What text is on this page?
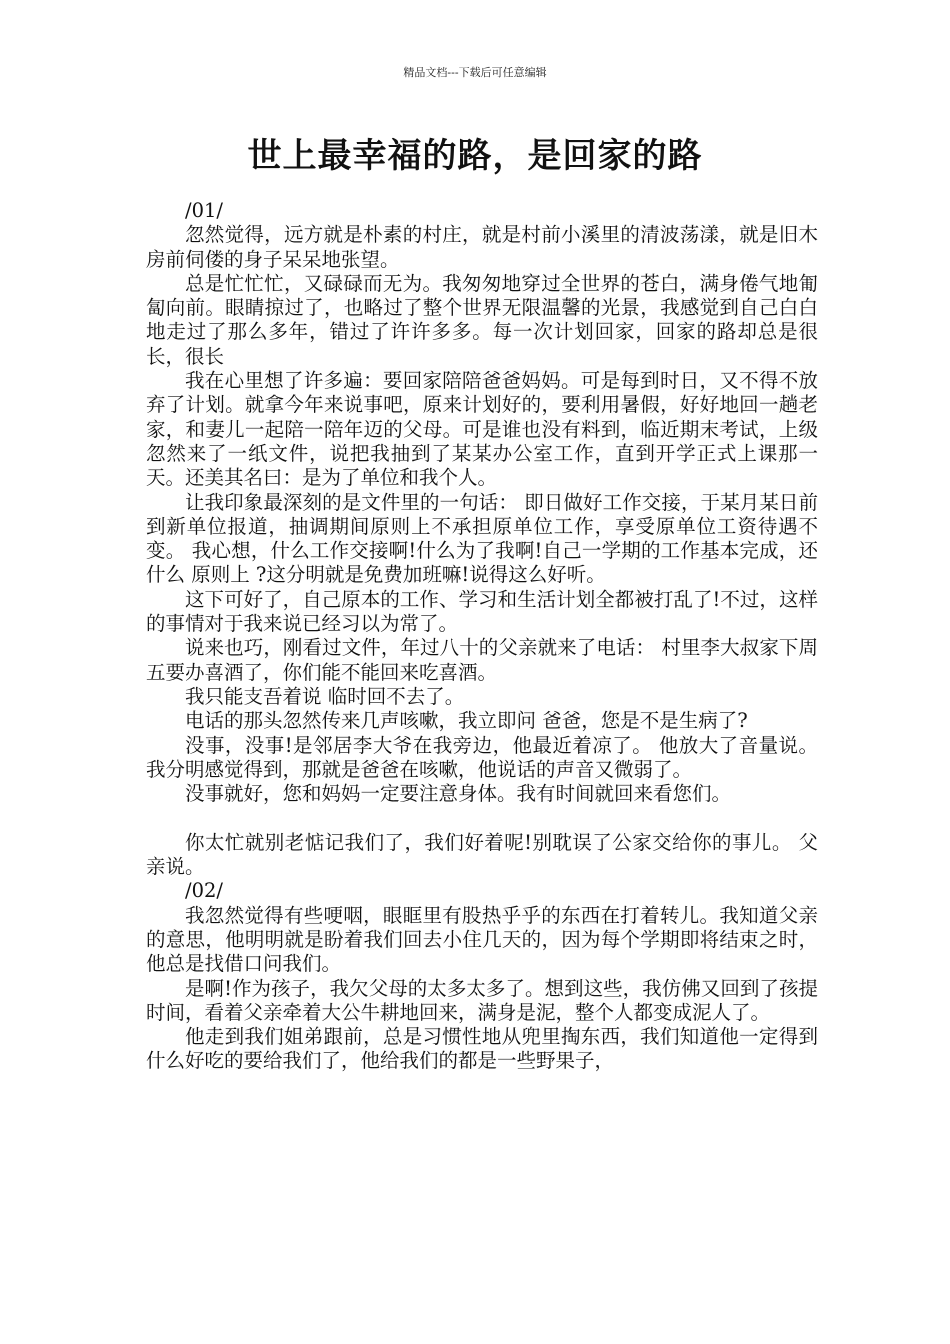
精品文档---下载后可任意编辑
世上最幸福的路，是回家的路

/01/

忽然觉得，远方就是朴素的村庄，就是村前小溪里的清波荡漾，就是旧木房前伺偻的身子呆呆地张望。

总是忙忙忙，又碌碌而无为。我匆匆地穿过全世界的苍白，满身倦气地匍匐向前。眼睛掠过了，也略过了整个世界无限温馨的光景，我感觉到自己白白地走过了那么多年，错过了许许多多。每一次计划回家，回家的路却总是很长，很长

我在心里想了许多遍：要回家陪陪爸爸妈妈。可是每到时日，又不得不放弃了计划。就拿今年来说事吧，原来计划好的，要利用暑假，好好地回一趟老家，和妻儿一起陪一陪年迈的父母。可是谁也没有料到，临近期末考试，上级忽然来了一纸文件，说把我抽到了某某办公室工作，直到开学正式上课那一天。还美其名曰：是为了单位和我个人。

让我印象最深刻的是文件里的一句话： 即日做好工作交接，于某月某日前到新单位报道，抽调期间原则上不承担原单位工作，享受原单位工资待遇不变。 我心想，什么工作交接啊!什么为了我啊!自己一学期的工作基本完成，还什么 原则上 ?这分明就是免费加班嘛!说得这么好听。

这下可好了，自己原本的工作、学习和生活计划全都被打乱了!不过，这样的事情对于我来说已经习以为常了。

说来也巧，刚看过文件，年过八十的父亲就来了电话： 村里李大叔家下周五要办喜酒了，你们能不能回来吃喜酒。

我只能支吾着说 临时回不去了。

电话的那头忽然传来几声咳嗽，我立即问 爸爸，您是不是生病了?

没事，没事!是邻居李大爷在我旁边，他最近着凉了。 他放大了音量说。我分明感觉得到，那就是爸爸在咳嗽，他说话的声音又微弱了。

没事就好，您和妈妈一定要注意身体。我有时间就回来看您们。

你太忙就别老惦记我们了，我们好着呢!别耽误了公家交给你的事儿。 父亲说。

/02/

我忽然觉得有些哽咽，眼眶里有股热乎乎的东西在打着转儿。我知道父亲的意思，他明明就是盼着我们回去小住几天的，因为每个学期即将结束之时，他总是找借口问我们。

是啊!作为孩子，我欠父母的太多太多了。想到这些，我仿佛又回到了孩提时间，看着父亲牵着大公牛耕地回来，满身是泥，整个人都变成泥人了。

他走到我们姐弟跟前，总是习惯性地从兜里掏东西，我们知道他一定得到什么好吃的要给我们了，他给我们的都是一些野果子，
